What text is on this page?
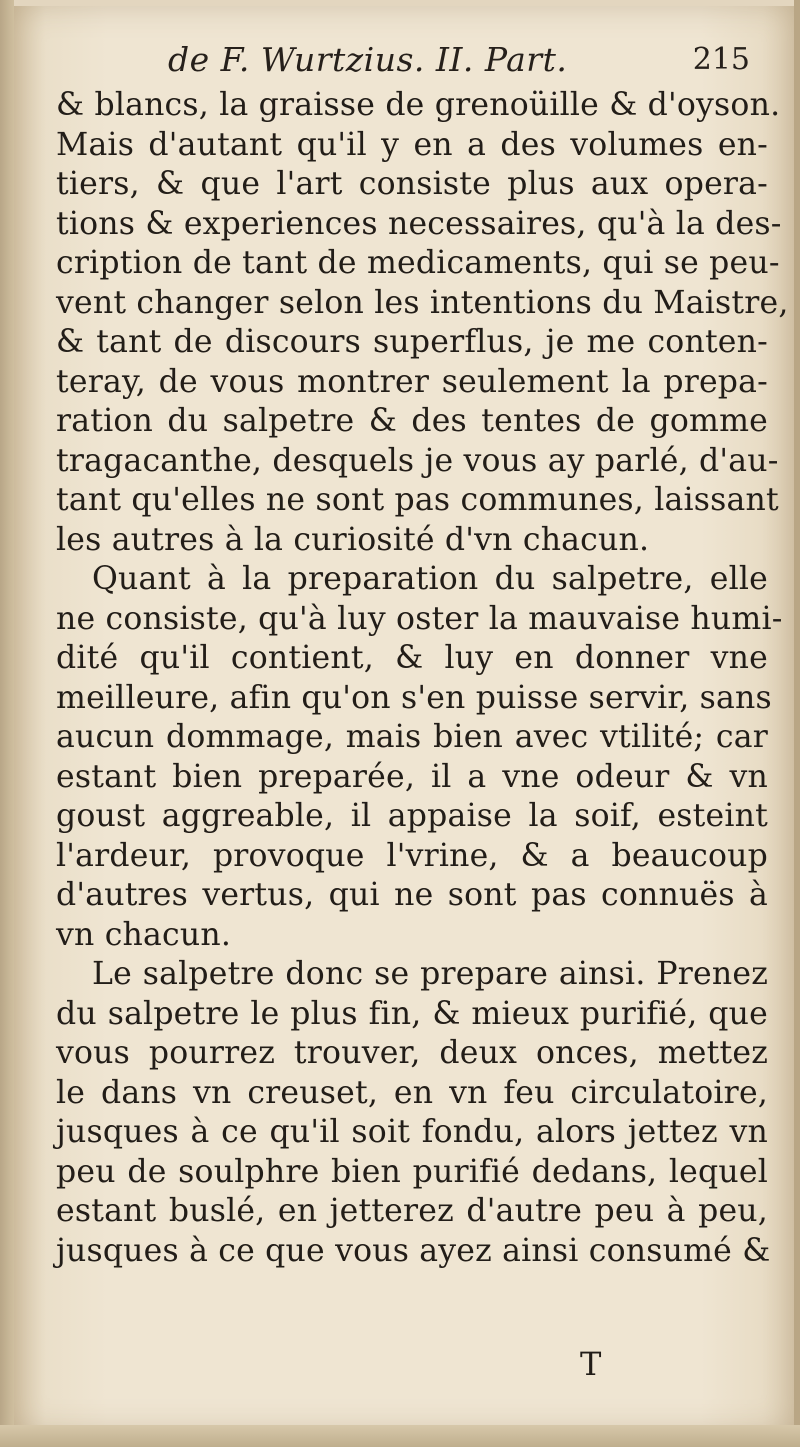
de F. Wurtzius. II. Part.	215
& blancs, la graisse de grenoüille & d'oyson.
Mais d'autant qu'il y en a des volumes en-
tiers, & que l'art consiste plus aux opera-
tions & experiences necessaires, qu'à la des-
cription de tant de medicaments, qui se peu-
vent changer selon les intentions du Maistre,
& tant de discours superflus, je me conten-
teray, de vous montrer seulement la prepa-
ration du salpetre & des tentes de gomme
tragacanthe, desquels je vous ay parlé, d'au-
tant qu'elles ne sont pas communes, laissant
les autres à la curiosité d'vn chacun.
Quant à la preparation du salpetre, elle
ne consiste, qu'à luy oster la mauvaise humi-
dité qu'il contient, & luy en donner vne
meilleure, afin qu'on s'en puisse servir, sans
aucun dommage, mais bien avec vtilité; car
estant bien preparée, il a vne odeur & vn
goust aggreable, il appaise la soif, esteint
l'ardeur, provoque l'vrine, & a beaucoup
d'autres vertus, qui ne sont pas connuës à
vn chacun.
Le salpetre donc se prepare ainsi. Prenez
du salpetre le plus fin, & mieux purifié, que
vous pourrez trouver, deux onces, mettez
le dans vn creuset, en vn feu circulatoire,
jusques à ce qu'il soit fondu, alors jettez vn
peu de soulphre bien purifié dedans, lequel
estant buslé, en jetterez d'autre peu à peu,
jusques à ce que vous ayez ainsi consumé &
T
